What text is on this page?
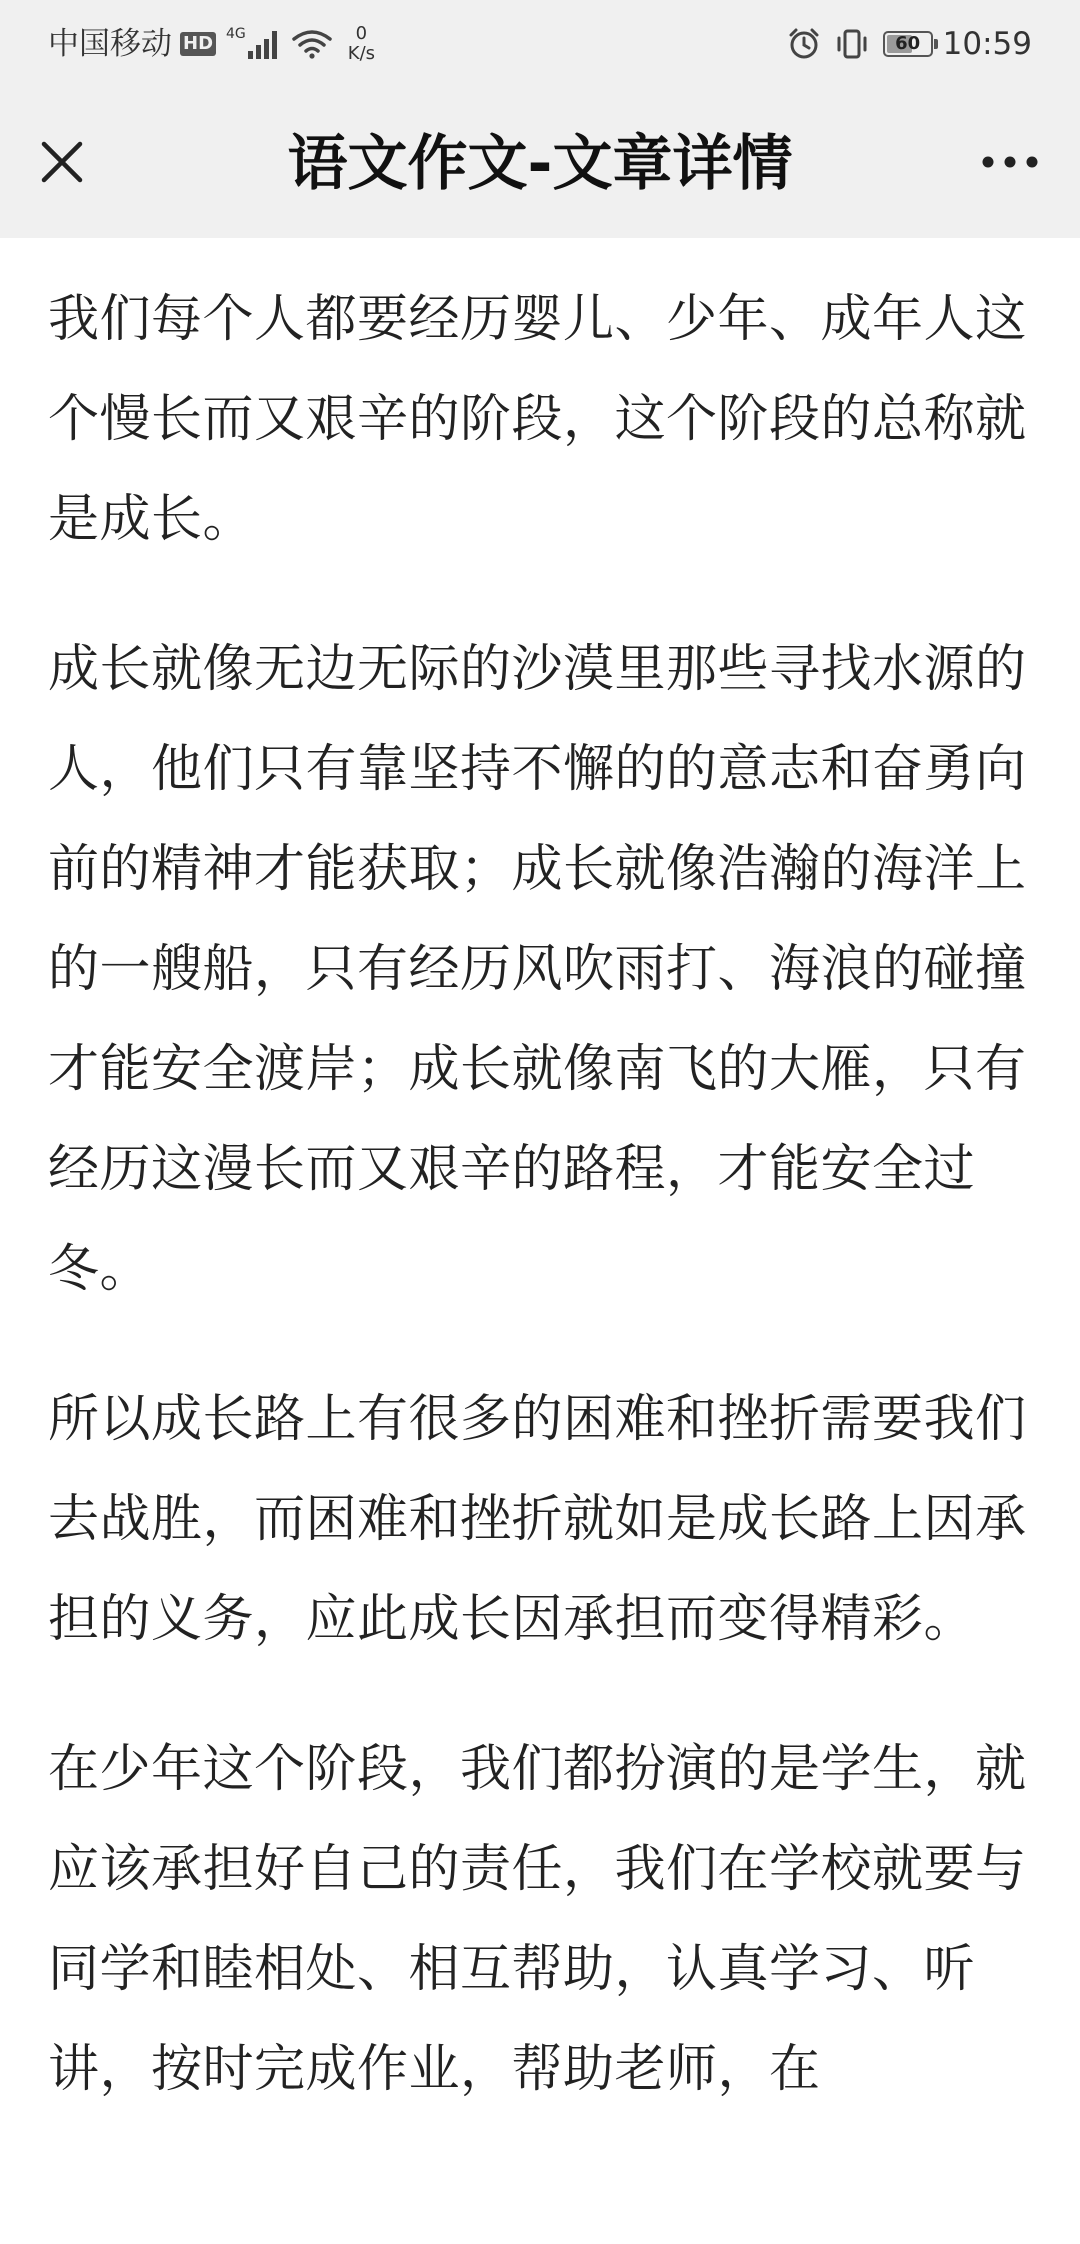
中国移动 HD 4G	0
K/s	60 10:59
语文作文-文章详情

我们每个人都要经历婴儿、少年、成年人这个慢长而又艰辛的阶段，这个阶段的总称就是成长。

成长就像无边无际的沙漠里那些寻找水源的人，他们只有靠坚持不懈的的意志和奋勇向前的精神才能获取；成长就像浩瀚的海洋上的一艘船，只有经历风吹雨打、海浪的碰撞才能安全渡岸；成长就像南飞的大雁，只有经历这漫长而又艰辛的路程，才能安全过冬。

所以成长路上有很多的困难和挫折需要我们去战胜，而困难和挫折就如是成长路上因承担的义务，应此成长因承担而变得精彩。

在少年这个阶段，我们都扮演的是学生，就应该承担好自己的责任，我们在学校就要与同学和睦相处、相互帮助，认真学习、听讲，按时完成作业，帮助老师，在
